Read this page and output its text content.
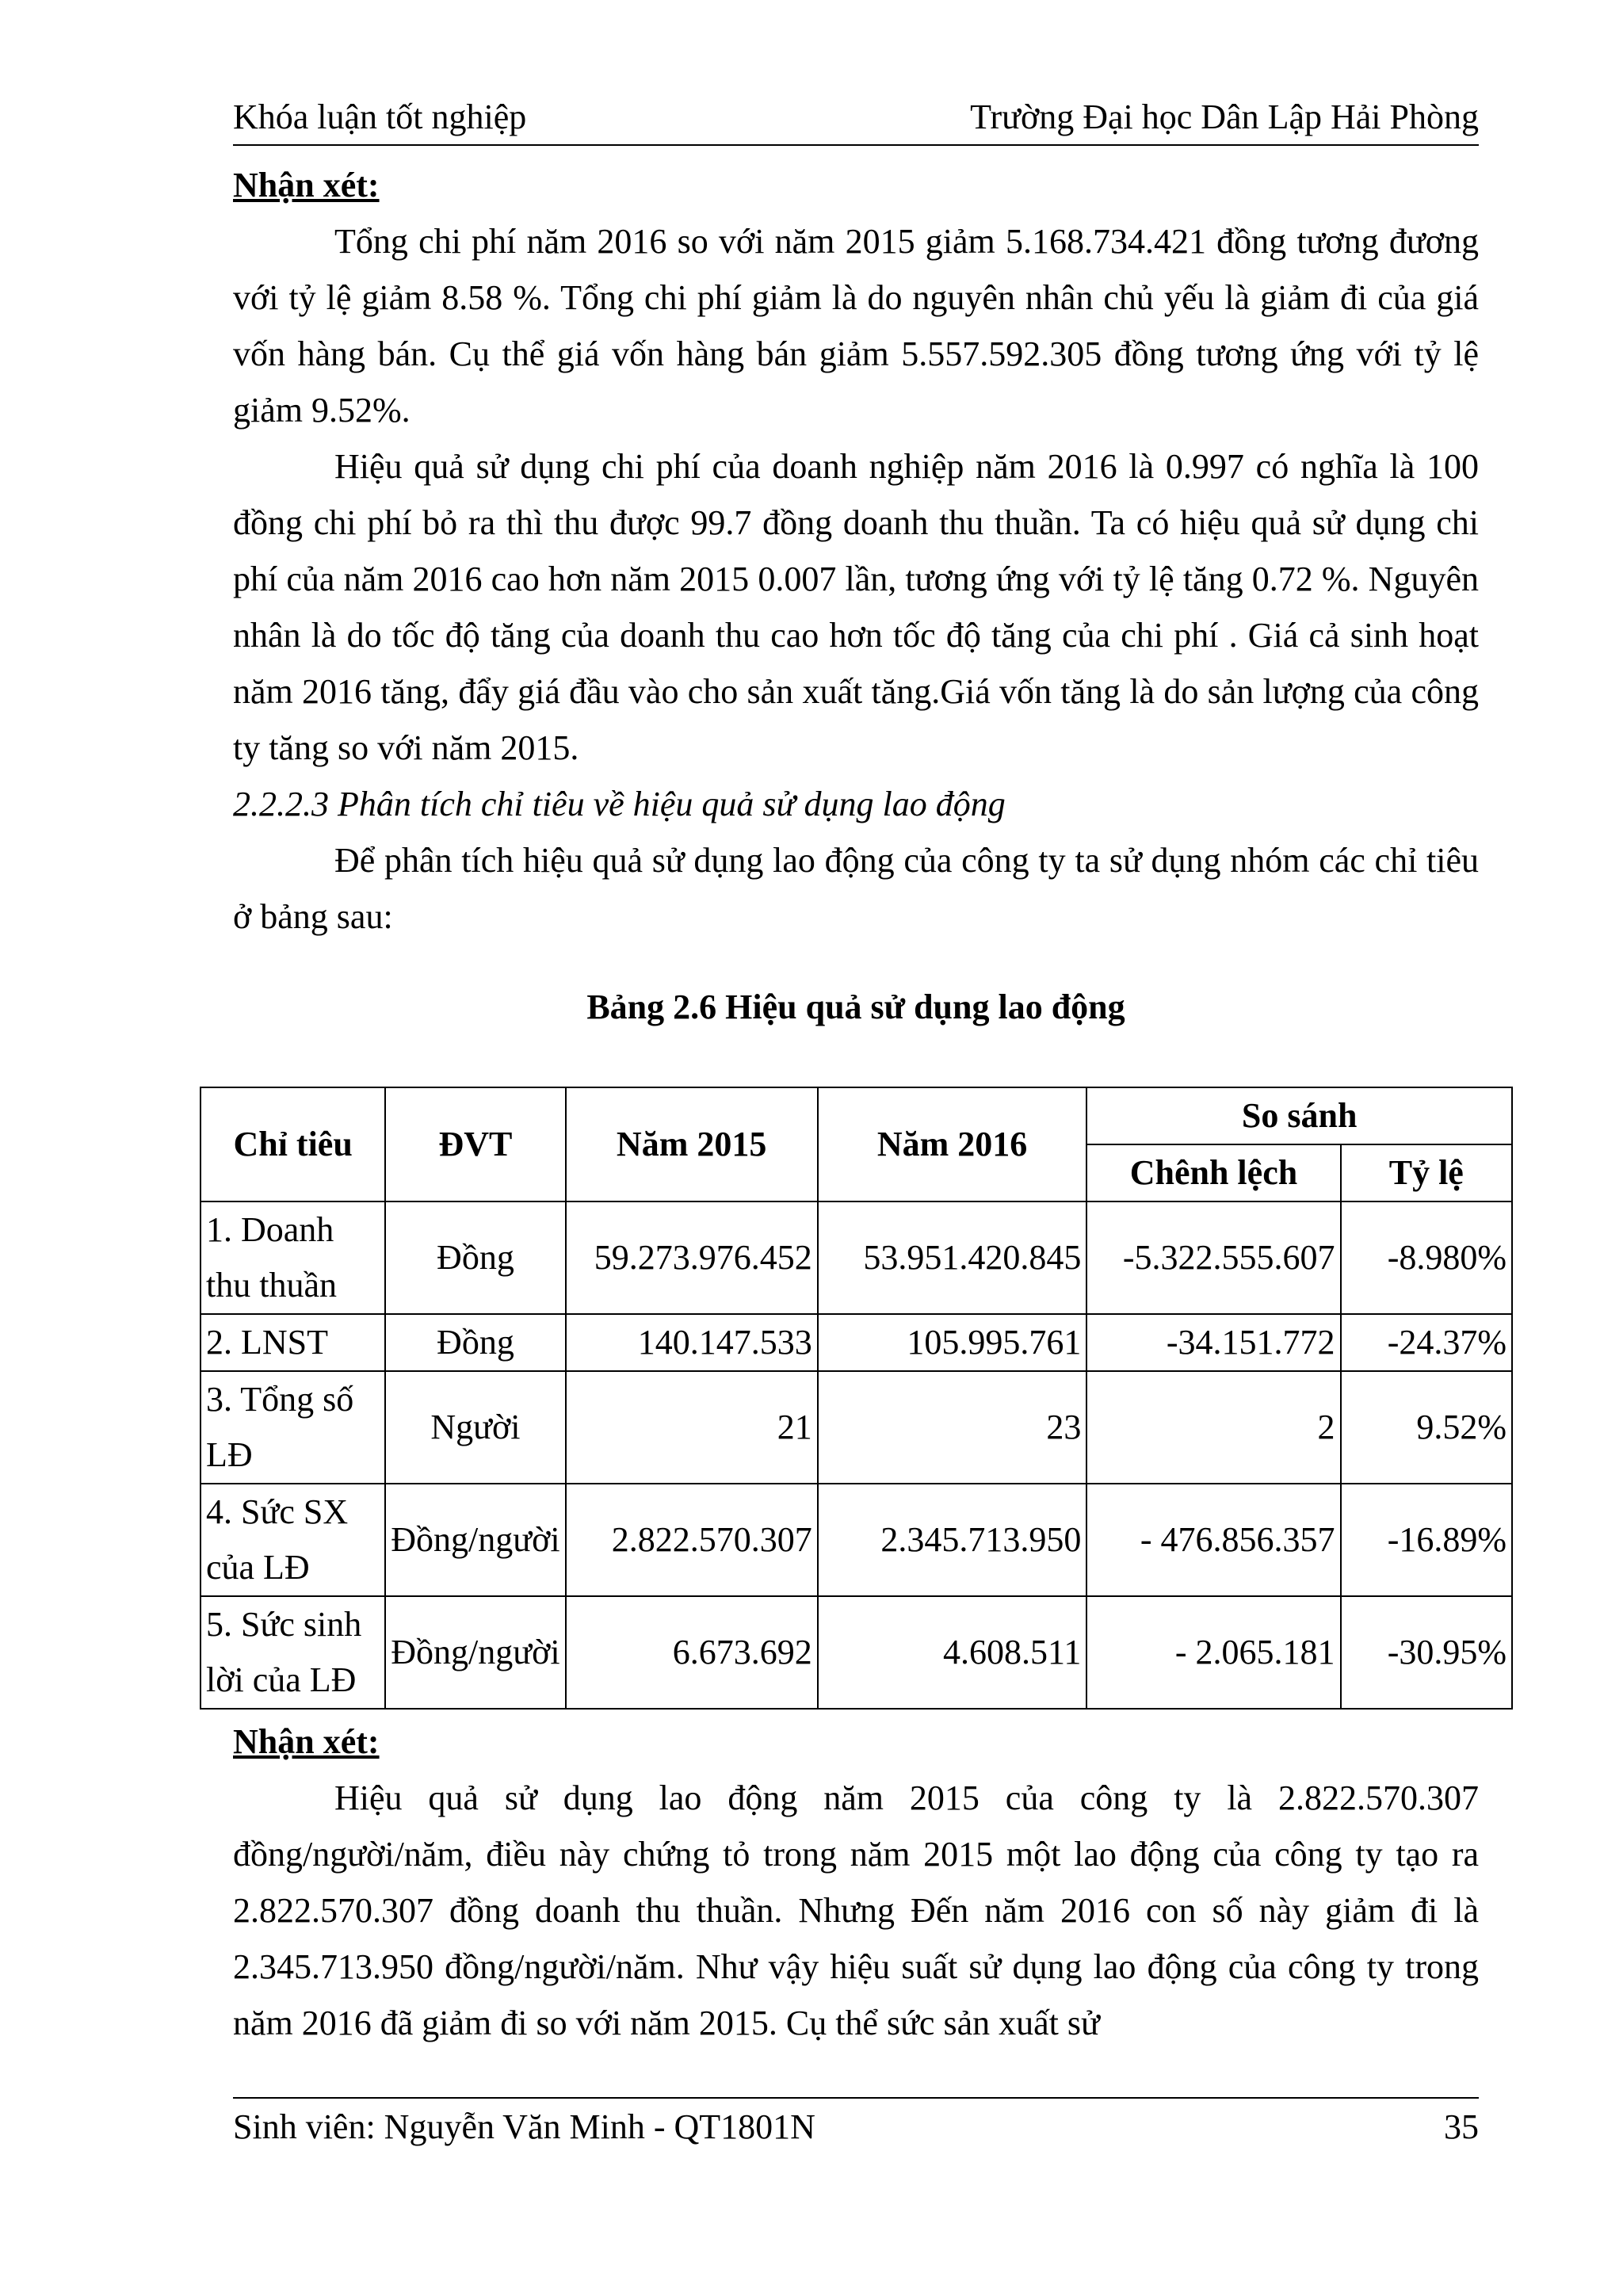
Khóa luận tốt nghiệp	Trường Đại học Dân Lập Hải Phòng
Nhận xét:

Tổng chi phí năm 2016 so với năm 2015 giảm 5.168.734.421 đồng tương đương với tỷ lệ giảm 8.58 %. Tổng chi phí giảm là do nguyên nhân chủ yếu là giảm đi của giá vốn hàng bán. Cụ thể giá vốn hàng bán giảm 5.557.592.305 đồng tương ứng với tỷ lệ giảm 9.52%.

Hiệu quả sử dụng chi phí của doanh nghiệp năm 2016 là 0.997 có nghĩa là 100 đồng chi phí bỏ ra thì thu được 99.7 đồng doanh thu thuần. Ta có hiệu quả sử dụng chi phí của năm 2016 cao hơn năm 2015 0.007 lần, tương ứng với tỷ lệ tăng 0.72 %. Nguyên nhân là do tốc độ tăng của doanh thu cao hơn tốc độ tăng của chi phí . Giá cả sinh hoạt năm 2016 tăng, đẩy giá đầu vào cho sản xuất tăng.Giá vốn tăng là do sản lượng của công ty tăng so với năm 2015.

2.2.2.3 Phân tích chỉ tiêu về hiệu quả sử dụng lao động

Để phân tích hiệu quả sử dụng lao động của công ty ta sử dụng nhóm các chỉ tiêu ở bảng sau:

Bảng 2.6 Hiệu quả sử dụng lao động
Chỉ tiêu	ĐVT	Năm 2015	Năm 2016	So sánh	
				Chênh lệch	Tỷ lệ
1. Doanh thu thuần	Đồng	59.273.976.452	53.951.420.845	-5.322.555.607	-8.980%
2. LNST	Đồng	140.147.533	105.995.761	-34.151.772	-24.37%
3. Tổng số LĐ	Người	21	23	2	9.52%
4. Sức SX của LĐ	Đồng/người	2.822.570.307	2.345.713.950	- 476.856.357	-16.89%
5. Sức sinh lời của LĐ	Đồng/người	6.673.692	4.608.511	- 2.065.181	-30.95%
Nhận xét:

Hiệu quả sử dụng lao động năm 2015 của công ty là 2.822.570.307 đồng/người/năm, điều này chứng tỏ trong năm 2015 một lao động của công ty tạo ra 2.822.570.307 đồng doanh thu thuần. Nhưng Đến năm 2016 con số này giảm đi là 2.345.713.950 đồng/người/năm. Như vậy hiệu suất sử dụng lao động của công ty trong năm 2016 đã giảm đi so với năm 2015. Cụ thể sức sản xuất sử

Sinh viên: Nguyễn Văn Minh - QT1801N	35
